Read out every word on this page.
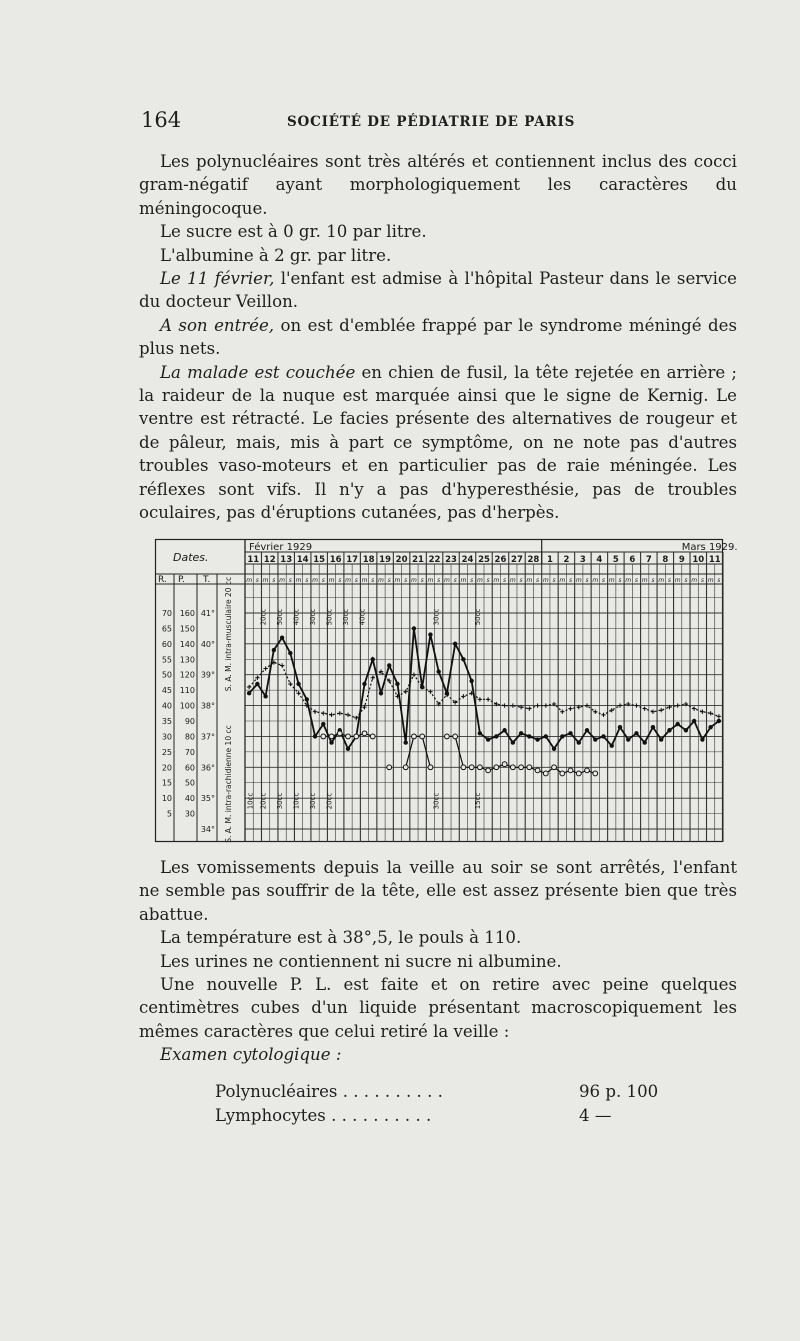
164	SOCIÉTÉ DE PÉDIATRIE DE PARIS

Les polynucléaires sont très altérés et contiennent inclus des cocci gram-négatif ayant morphologiquement les caractères du méningocoque.

Le sucre est à 0 gr. 10 par litre.

L'albumine à 2 gr. par litre.

Le 11 février, l'enfant est admise à l'hôpital Pasteur dans le service du docteur Veillon.

A son entrée, on est d'emblée frappé par le syndrome méningé des plus nets.

La malade est couchée en chien de fusil, la tête rejetée en arrière ; la raideur de la nuque est marquée ainsi que le signe de Kernig. Le ventre est rétracté. Le facies présente des alternatives de rougeur et de pâleur, mais, mis à part ce symptôme, on ne note pas d'autres troubles vaso-moteurs et en particulier pas de raie méningée. Les réflexes sont vifs. Il n'y a pas d'hyperesthésie, pas de troubles oculaires, pas d'éruptions cutanées, pas d'herpès.

Dates.
Février 1929	Mars 1929.
11 12 13 14 15 16 17 18 19 20 21 22 23 24 25 26 27 28 1 2 3 4 5 6 7 8 9 10 11
m s m s m s m s m s m s m s m s m s m s m s m s m s m s m s m s m s m s m s m s m s m s m s m s m s m s m s m s m s
R. P. T.
70
65
60
55
50
45
40
35
30
25
20
15
10
5
160
150
140
130
120
110
100
90
80
70
60
50
40
30
41°
40°
39°
38°
37°
36°
35°
34°
S. A. M. intra-musculaire 20 cc
S. A. M. intra-rachidienne 10 cc
20cc 50cc 40cc 30cc 50cc 30cc 40cc	30cc	50cc
10cc 20cc 30cc 10cc 30cc 20cc	30cc	15cc

Les vomissements depuis la veille au soir se sont arrêtés, l'enfant ne semble pas souffrir de la tête, elle est assez présente bien que très abattue.

La température est à 38°,5, le pouls à 110.

Les urines ne contiennent ni sucre ni albumine.

Une nouvelle P. L. est faite et on retire avec peine quelques centimètres cubes d'un liquide présentant macroscopiquement les mêmes caractères que celui retiré la veille :

Examen cytologique :

Polynucléaires . . . . . . . . . .	96 p. 100
Lymphocytes . . . . . . . . . .	4 —
